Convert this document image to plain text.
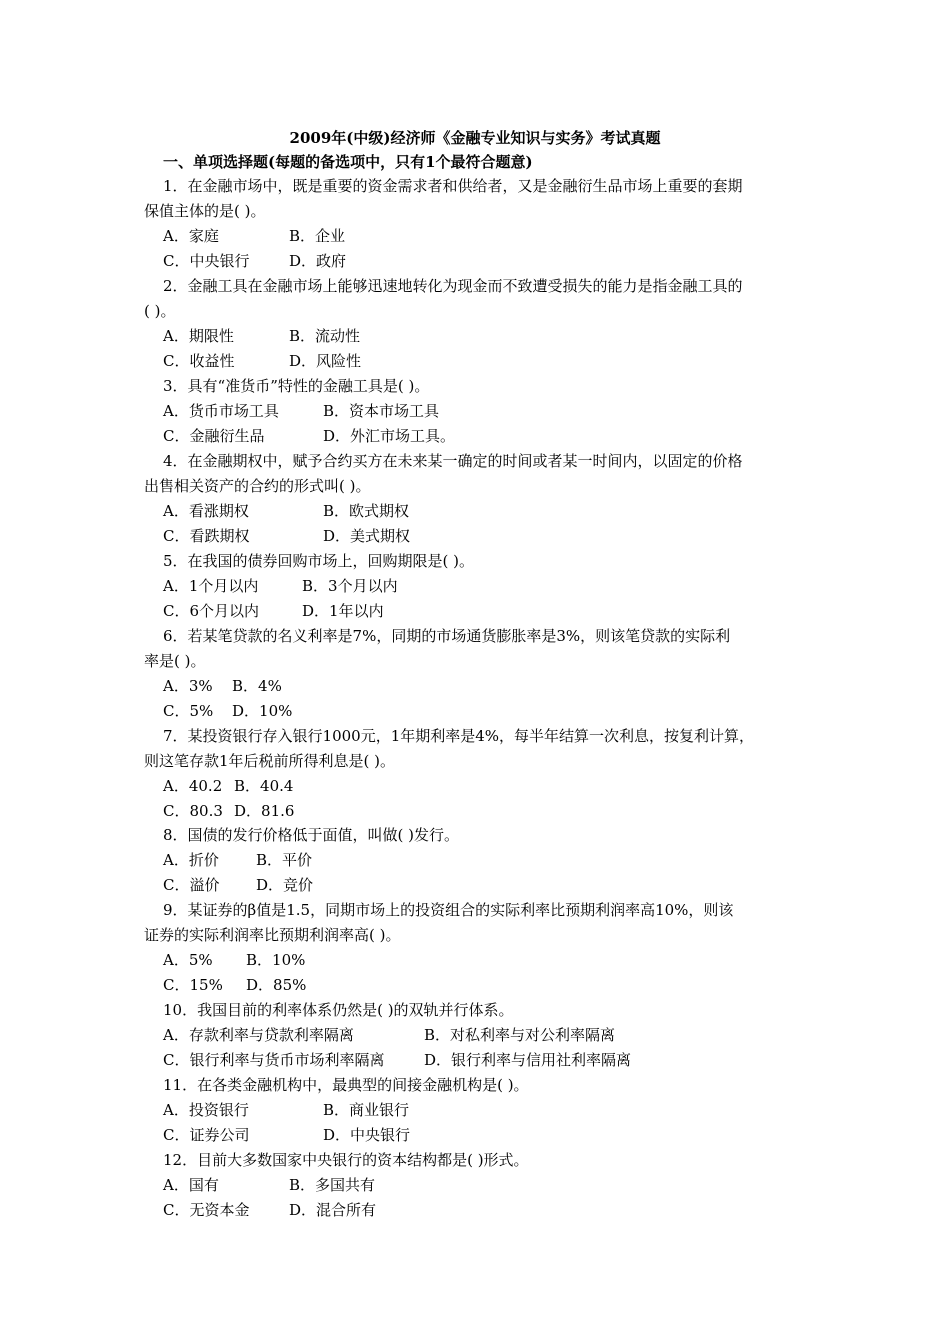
2009年(中级)经济师《金融专业知识与实务》考试真题
一、单项选择题(每题的备选项中，只有1个最符合题意)
1．在金融市场中，既是重要的资金需求者和供给者，又是金融衍生品市场上重要的套期
保值主体的是( )。
A．家庭	B．企业
C．中央银行	D．政府
2．金融工具在金融市场上能够迅速地转化为现金而不致遭受损失的能力是指金融工具的
( )。
A．期限性	B．流动性
C．收益性	D．风险性
3．具有“准货币”特性的金融工具是( )。
A．货币市场工具	B．资本市场工具
C．金融衍生品	D．外汇市场工具。
4．在金融期权中，赋予合约买方在未来某一确定的时间或者某一时间内，以固定的价格
出售相关资产的合约的形式叫( )。
A．看涨期权	B．欧式期权
C．看跌期权	D．美式期权
5．在我国的债券回购市场上，回购期限是( )。
A．1个月以内	B．3个月以内
C．6个月以内	D．1年以内
6．若某笔贷款的名义利率是7%，同期的市场通货膨胀率是3%，则该笔贷款的实际利
率是( )。
A．3% B．4%
C．5% D．10%
7．某投资银行存入银行1000元，1年期利率是4%，每半年结算一次利息，按复利计算，
则这笔存款1年后税前所得利息是( )。
A．40.2 B．40.4
C．80.3 D．81.6
8．国债的发行价格低于面值，叫做( )发行。
A．折价 B．平价
C．溢价 D．竞价
9．某证券的β值是1.5，同期市场上的投资组合的实际利率比预期利润率高10%，则该
证券的实际利润率比预期利润率高( )。
A．5% B．10%
C．15% D．85%
10．我国目前的利率体系仍然是( )的双轨并行体系。
A．存款利率与贷款利率隔离	B．对私利率与对公利率隔离
C．银行利率与货币市场利率隔离	D．银行利率与信用社利率隔离
11．在各类金融机构中，最典型的间接金融机构是( )。
A．投资银行	B．商业银行
C．证券公司	D．中央银行
12．目前大多数国家中央银行的资本结构都是( )形式。
A．国有	B．多国共有
C．无资本金	D．混合所有
